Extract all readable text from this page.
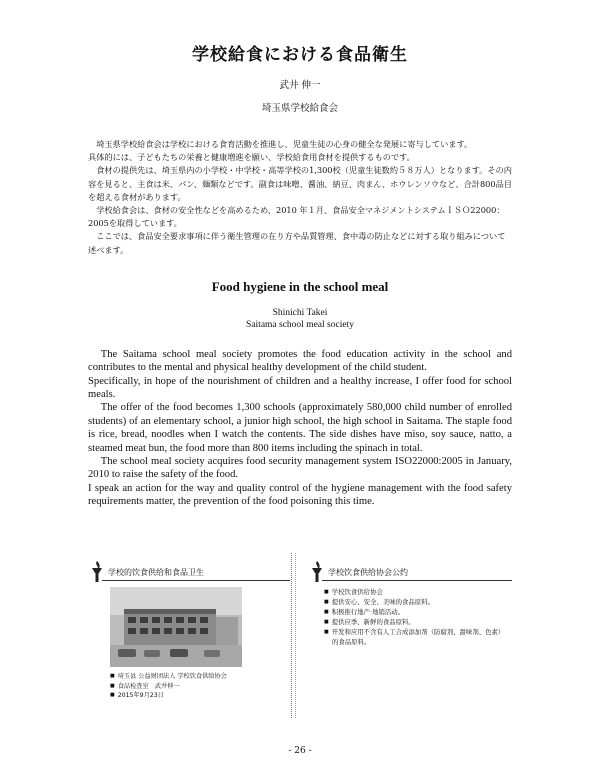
学校給食における食品衛生
武井 伸一
埼玉県学校給食会

埼玉県学校給食会は学校における食育活動を推進し、児童生徒の心身の健全な発展に寄与しています。

具体的には、子どもたちの栄養と健康増進を願い、学校給食用食材を提供するものです。

食材の提供先は、埼玉県内の小学校・中学校・高等学校の1,300校（児童生徒数約５８万人）となります。その内容を見ると、主食は米、パン、麺類などです。副食は味噌、醤油、納豆、肉まん、ホウレンソウなど、合計800品目を超える食材があります。

学校給食会は、食材の安全性などを高めるため、2010 年１月、食品安全マネジメントシステムＩＳＯ22000：2005を取得しています。

ここでは、食品安全要求事項に伴う衛生管理の在り方や品質管理、食中毒の防止などに対する取り組みについて述べます。

Food hygiene in the school meal
Shinichi Takei
Saitama school meal society

The Saitama school meal society promotes the food education activity in the school and contributes to the mental and physical healthy development of the child student.

Specifically, in hope of the nourishment of children and a healthy increase, I offer food for school meals.

The offer of the food becomes 1,300 schools (approximately 580,000 child number of enrolled students) of an elementary school, a junior high school, the high school in Saitama. The staple food is rice, bread, noodles when I watch the contents. The side dishes have miso, soy sauce, natto, a steamed meat bun, the food more than 800 items including the spinach in total.

The school meal society acquires food security management system ISO22000:2005 in January, 2010 to raise the safety of the food.

I speak an action for the way and quality control of the hygiene management with the food safety requirements matter, the prevention of the food poisoning this time.

学校的饮食供给和食品卫生
■ 埼玉县 公益财团法人 学校饮食供给协会
■ 食品检查室　武井伸一
■ 2015年9月23日
学校饮食供给协会公约
■ 学校饮食供给协会
■ 提供安心、安全、美味的食品原料。
■ 积极推行地产·地销活动。
■ 提供应季、新鲜的食品原料。
■ 开发和应用不含有人工合成添加剂（防腐剂、甜味剂、色素）的食品原料。
- 26 -
